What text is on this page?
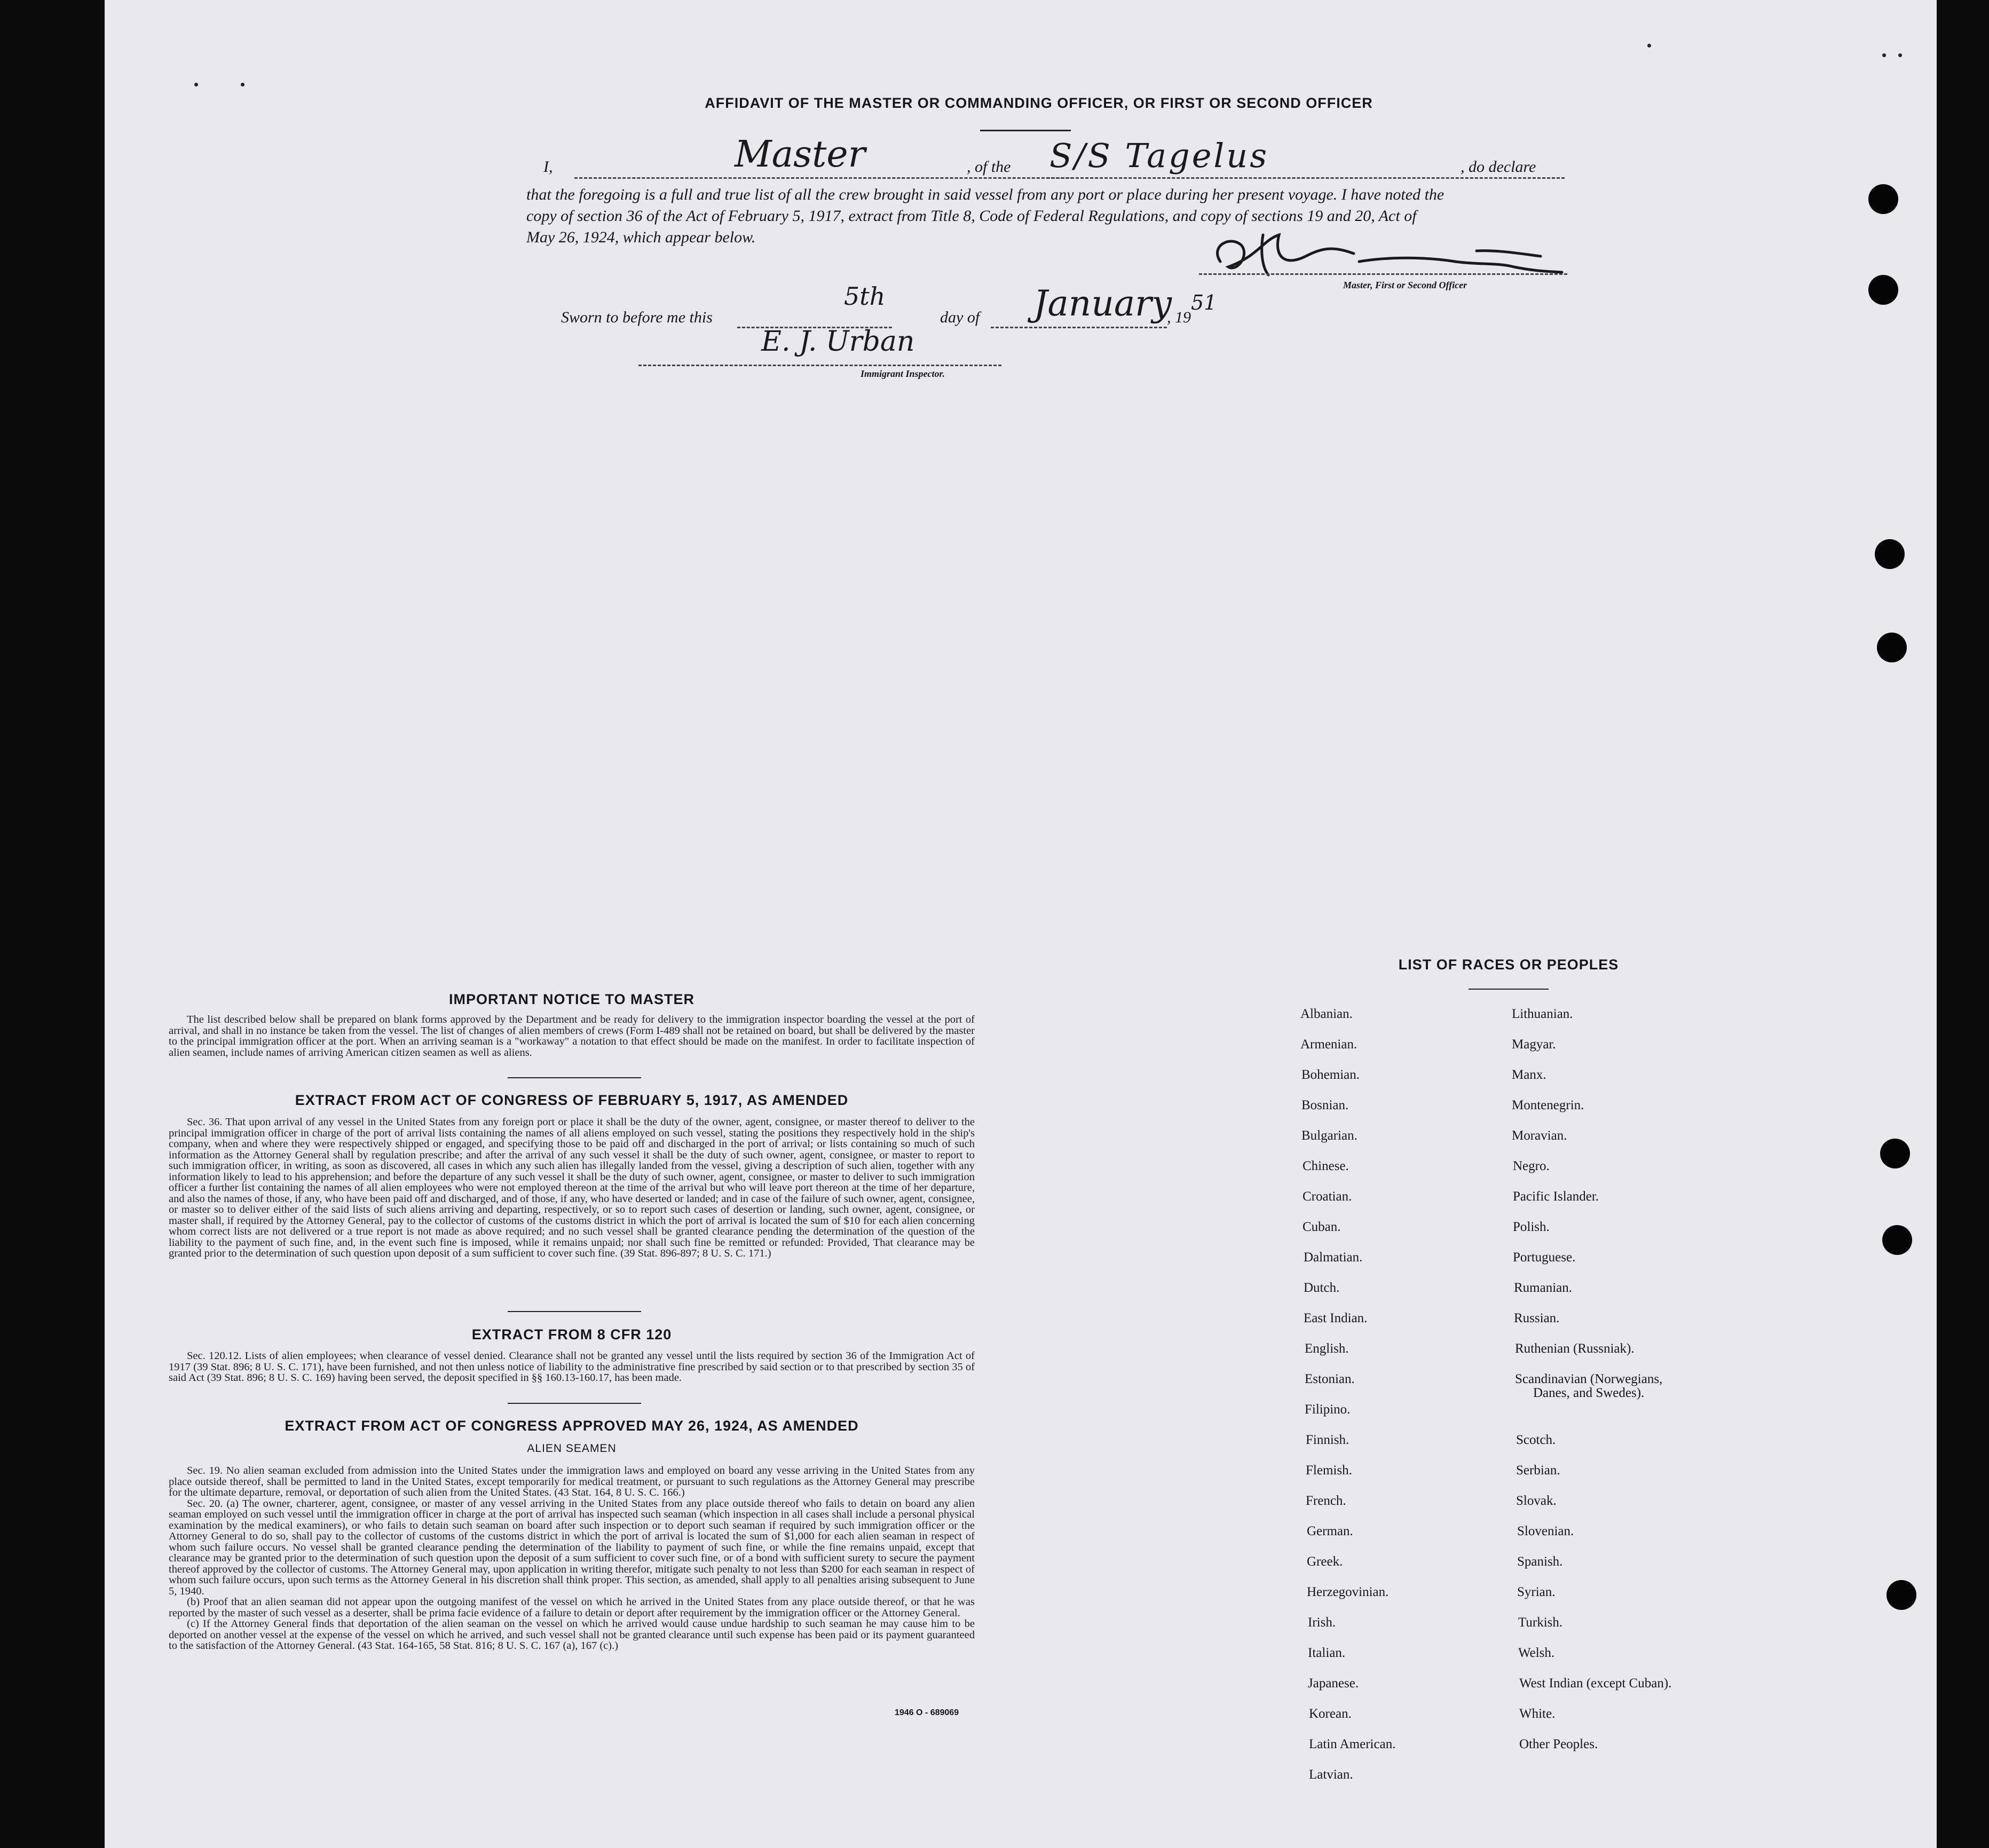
AFFIDAVIT OF THE MASTER OR COMMANDING OFFICER, OR FIRST OR SECOND OFFICER
I,	Master	, of the S/S Tagelus	, do declare
that the foregoing is a full and true list of all the crew brought in said vessel from any port or place during her present voyage. I have noted the
copy of section 36 of the Act of February 5, 1917, extract from Title 8, Code of Federal Regulations, and copy of sections 19 and 20, Act of
May 26, 1924, which appear below.
Master, First or Second Officer
Sworn to before me this
5th
day of January
, 19
51
E. J. Urban
Immigrant Inspector.
IMPORTANT NOTICE TO MASTER

The list described below shall be prepared on blank forms approved by the Department and be ready for delivery to the immigration inspector boarding the vessel at the port of arrival, and shall in no instance be taken from the vessel. The list of changes of alien members of crews (Form I-489 shall not be retained on board, but shall be delivered by the master to the principal immigration officer at the port. When an arriving seaman is a "workaway" a notation to that effect should be made on the manifest. In order to facilitate inspection of alien seamen, include names of arriving American citizen seamen as well as aliens.

EXTRACT FROM ACT OF CONGRESS OF FEBRUARY 5, 1917, AS AMENDED

Sec. 36. That upon arrival of any vessel in the United States from any foreign port or place it shall be the duty of the owner, agent, consignee, or master thereof to deliver to the principal immigration officer in charge of the port of arrival lists containing the names of all aliens employed on such vessel, stating the positions they respectively hold in the ship's company, when and where they were respectively shipped or engaged, and specifying those to be paid off and discharged in the port of arrival; or lists containing so much of such information as the Attorney General shall by regulation prescribe; and after the arrival of any such vessel it shall be the duty of such owner, agent, consignee, or master to report to such immigration officer, in writing, as soon as discovered, all cases in which any such alien has illegally landed from the vessel, giving a description of such alien, together with any information likely to lead to his apprehension; and before the departure of any such vessel it shall be the duty of such owner, agent, consignee, or master to deliver to such immigration officer a further list containing the names of all alien employees who were not employed thereon at the time of the arrival but who will leave port thereon at the time of her departure, and also the names of those, if any, who have been paid off and discharged, and of those, if any, who have deserted or landed; and in case of the failure of such owner, agent, consignee, or master so to deliver either of the said lists of such aliens arriving and departing, respectively, or so to report such cases of desertion or landing, such owner, agent, consignee, or master shall, if required by the Attorney General, pay to the collector of customs of the customs district in which the port of arrival is located the sum of $10 for each alien concerning whom correct lists are not delivered or a true report is not made as above required; and no such vessel shall be granted clearance pending the determination of the question of the liability to the payment of such fine, and, in the event such fine is imposed, while it remains unpaid; nor shall such fine be remitted or refunded: Provided, That clearance may be granted prior to the determination of such question upon deposit of a sum sufficient to cover such fine. (39 Stat. 896-897; 8 U. S. C. 171.)

EXTRACT FROM 8 CFR 120

Sec. 120.12. Lists of alien employees; when clearance of vessel denied. Clearance shall not be granted any vessel until the lists required by section 36 of the Immigration Act of 1917 (39 Stat. 896; 8 U. S. C. 171), have been furnished, and not then unless notice of liability to the administrative fine prescribed by said section or to that prescribed by section 35 of said Act (39 Stat. 896; 8 U. S. C. 169) having been served, the deposit specified in §§ 160.13-160.17, has been made.

EXTRACT FROM ACT OF CONGRESS APPROVED MAY 26, 1924, AS AMENDED
ALIEN SEAMEN

Sec. 19. No alien seaman excluded from admission into the United States under the immigration laws and employed on board any vesse arriving in the United States from any place outside thereof, shall be permitted to land in the United States, except temporarily for medical treatment, or pursuant to such regulations as the Attorney General may prescribe for the ultimate departure, removal, or deportation of such alien from the United States. (43 Stat. 164, 8 U. S. C. 166.)

Sec. 20. (a) The owner, charterer, agent, consignee, or master of any vessel arriving in the United States from any place outside thereof who fails to detain on board any alien seaman employed on such vessel until the immigration officer in charge at the port of arrival has inspected such seaman (which inspection in all cases shall include a personal physical examination by the medical examiners), or who fails to detain such seaman on board after such inspection or to deport such seaman if required by such immigration officer or the Attorney General to do so, shall pay to the collector of customs of the customs district in which the port of arrival is located the sum of $1,000 for each alien seaman in respect of whom such failure occurs. No vessel shall be granted clearance pending the determination of the liability to payment of such fine, or while the fine remains unpaid, except that clearance may be granted prior to the determination of such question upon the deposit of a sum sufficient to cover such fine, or of a bond with sufficient surety to secure the payment thereof approved by the collector of customs. The Attorney General may, upon application in writing therefor, mitigate such penalty to not less than $200 for each seaman in respect of whom such failure occurs, upon such terms as the Attorney General in his discretion shall think proper. This section, as amended, shall apply to all penalties arising subsequent to June 5, 1940.

(b) Proof that an alien seaman did not appear upon the outgoing manifest of the vessel on which he arrived in the United States from any place outside thereof, or that he was reported by the master of such vessel as a deserter, shall be prima facie evidence of a failure to detain or deport after requirement by the immigration officer or the Attorney General.

(c) If the Attorney General finds that deportation of the alien seaman on the vessel on which he arrived would cause undue hardship to such seaman he may cause him to be deported on another vessel at the expense of the vessel on which he arrived, and such vessel shall not be granted clearance until such expense has been paid or its payment guaranteed to the satisfaction of the Attorney General. (43 Stat. 164-165, 58 Stat. 816; 8 U. S. C. 167 (a), 167 (c).)

1946 O - 689069
LIST OF RACES OR PEOPLES
Albanian.
Armenian.
Bohemian.
Bosnian.
Bulgarian.
Chinese.
Croatian.
Cuban.
Dalmatian.
Dutch.
East Indian.
English.
Estonian.
Filipino.
Finnish.
Flemish.
French.
German.
Greek.
Herzegovinian.
Irish.
Italian.
Japanese.
Korean.
Latin American.
Latvian.
Lithuanian.
Magyar.
Manx.
Montenegrin.
Moravian.
Negro.
Pacific Islander.
Polish.
Portuguese.
Rumanian.
Russian.
Ruthenian (Russniak).
Scandinavian (Norwegians,
Danes, and Swedes).
Scotch.
Serbian.
Slovak.
Slovenian.
Spanish.
Syrian.
Turkish.
Welsh.
West Indian (except Cuban).
White.
Other Peoples.
